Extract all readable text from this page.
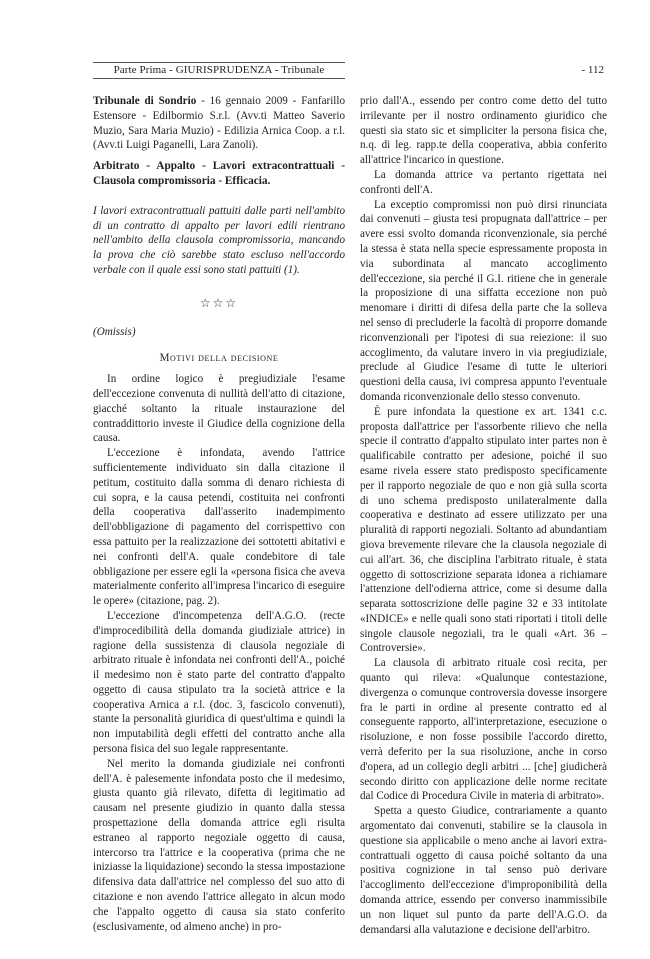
Parte Prima - GIURISPRUDENZA - Tribunale	- 112

Tribunale di Sondrio - 16 gennaio 2009 - Fanfarillo Estensore - Edilbormio S.r.l. (Avv.ti Matteo Saverio Muzio, Sara Maria Muzio) - Edilizia Arnica Coop. a r.l. (Avv.ti Luigi Paganelli, Lara Zanoli).

Arbitrato - Appalto - Lavori extracontrattuali - Clausola compromissoria - Efficacia.

I lavori extracontrattuali pattuiti dalle parti nell'ambito di un contratto di appalto per lavori edili rientrano nell'ambito della clausola compromissoria, mancando la prova che ciò sarebbe stato escluso nell'accordo verbale con il quale essi sono stati pattuiti (1).

☆☆☆

(Omissis)

Motivi della decisione

In ordine logico è pregiudiziale l'esame dell'eccezione convenuta di nullità dell'atto di citazione, giacché soltanto la rituale instaurazione del contraddittorio investe il Giudice della cognizione della causa.

L'eccezione è infondata, avendo l'attrice sufficientemente individuato sin dalla citazione il petitum, costituito dalla somma di denaro richiesta di cui sopra, e la causa petendi, costituita nei confronti della cooperativa dall'asserito inadempimento dell'obbligazione di pagamento del corrispettivo con essa pattuito per la realizzazione dei sottotetti abitativi e nei confronti dell'A. quale condebitore di tale obbligazione per essere egli la «persona fisica che aveva materialmente conferito all'impresa l'incarico di eseguire le opere» (citazione, pag. 2).

L'eccezione d'incompetenza dell'A.G.O. (recte d'improcedibilità della domanda giudiziale attrice) in ragione della sussistenza di clausola negoziale di arbitrato rituale è infondata nei confronti dell'A., poiché il medesimo non è stato parte del contratto d'appalto oggetto di causa stipulato tra la società attrice e la cooperativa Arnica a r.l. (doc. 3, fascicolo convenuti), stante la personalità giuridica di quest'ultima e quindi la non imputabilità degli effetti del contratto anche alla persona fisica del suo legale rappresentante.

Nel merito la domanda giudiziale nei confronti dell'A. è palesemente infondata posto che il medesimo, giusta quanto già rilevato, difetta di legitimatio ad causam nel presente giudizio in quanto dalla stessa prospettazione della domanda attrice egli risulta estraneo al rapporto negoziale oggetto di causa, intercorso tra l'attrice e la cooperativa (prima che ne iniziasse la liquidazione) secondo la stessa impostazione difensiva data dall'attrice nel complesso del suo atto di citazione e non avendo l'attrice allegato in alcun modo che l'appalto oggetto di causa sia stato conferito (esclusivamente, od almeno anche) in pro-

prio dall'A., essendo per contro come detto del tutto irrilevante per il nostro ordinamento giuridico che questi sia stato sic et simpliciter la persona fisica che, n.q. di leg. rapp.te della cooperativa, abbia conferito all'attrice l'incarico in questione.

La domanda attrice va pertanto rigettata nei confronti dell'A.

La exceptio compromissi non può dirsi rinunciata dai convenuti – giusta tesi propugnata dall'attrice – per avere essi svolto domanda riconvenzionale, sia perché la stessa è stata nella specie espressamente proposta in via subordinata al mancato accoglimento dell'eccezione, sia perché il G.I. ritiene che in generale la proposizione di una siffatta eccezione non può menomare i diritti di difesa della parte che la solleva nel senso di precluderle la facoltà di proporre domande riconvenzionali per l'ipotesi di sua reiezione: il suo accoglimento, da valutare invero in via pregiudiziale, preclude al Giudice l'esame di tutte le ulteriori questioni della causa, ivi compresa appunto l'eventuale domanda riconvenzionale dello stesso convenuto.

È pure infondata la questione ex art. 1341 c.c. proposta dall'attrice per l'assorbente rilievo che nella specie il contratto d'appalto stipulato inter partes non è qualificabile contratto per adesione, poiché il suo esame rivela essere stato predisposto specificamente per il rapporto negoziale de quo e non già sulla scorta di uno schema predisposto unilateralmente dalla cooperativa e destinato ad essere utilizzato per una pluralità di rapporti negoziali. Soltanto ad abundantiam giova brevemente rilevare che la clausola negoziale di cui all'art. 36, che disciplina l'arbitrato rituale, è stata oggetto di sottoscrizione separata idonea a richiamare l'attenzione dell'odierna attrice, come si desume dalla separata sottoscrizione delle pagine 32 e 33 intitolate «INDICE» e nelle quali sono stati riportati i titoli delle singole clausole negoziali, tra le quali «Art. 36 – Controversie».

La clausola di arbitrato rituale così recita, per quanto qui rileva: «Qualunque contestazione, divergenza o comunque controversia dovesse insorgere fra le parti in ordine al presente contratto ed al conseguente rapporto, all'interpretazione, esecuzione o risoluzione, e non fosse possibile l'accordo diretto, verrà deferito per la sua risoluzione, anche in corso d'opera, ad un collegio degli arbitri ... [che] giudicherà secondo diritto con applicazione delle norme recitate dal Codice di Procedura Civile in materia di arbitrato».

Spetta a questo Giudice, contrariamente a quanto argomentato dai convenuti, stabilire se la clausola in questione sia applicabile o meno anche ai lavori extra-contrattuali oggetto di causa poiché soltanto da una positiva cognizione in tal senso può derivare l'accoglimento dell'eccezione d'improponibilità della domanda attrice, essendo per converso inammissibile un non liquet sul punto da parte dell'A.G.O. da demandarsi alla valutazione e decisione dell'arbitro.
